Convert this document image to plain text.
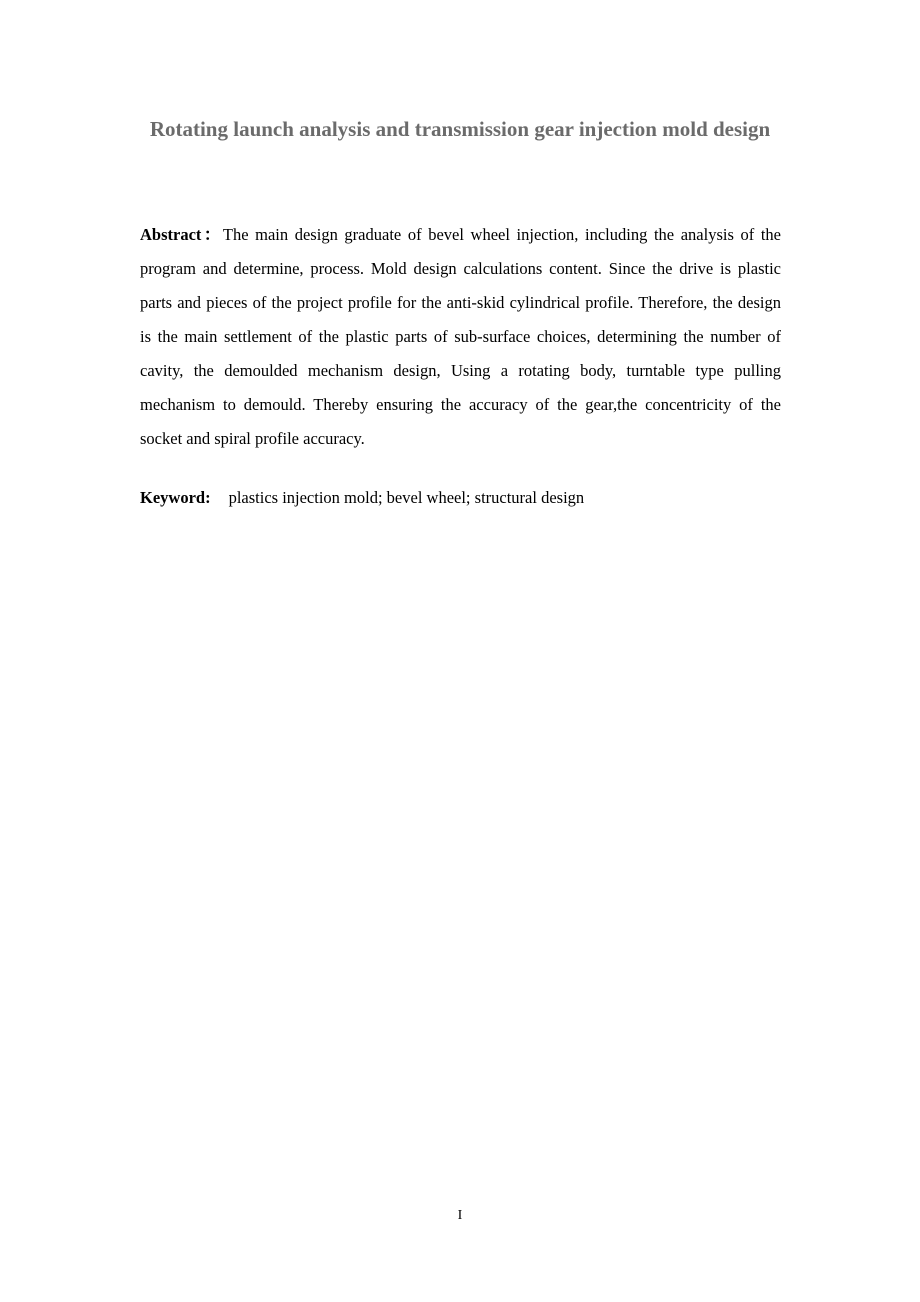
Rotating launch analysis and transmission gear injection mold design

Abstract：The main design graduate of bevel wheel injection, including the analysis of the program and determine, process. Mold design calculations content. Since the drive is plastic parts and pieces of the project profile for the anti-skid cylindrical profile. Therefore, the design is the main settlement of the plastic parts of sub-surface choices, determining the number of cavity, the demoulded mechanism design, Using a rotating body, turntable type pulling mechanism to demould. Thereby ensuring the accuracy of the gear,the concentricity of the socket and spiral profile accuracy.

Keyword: plastics injection mold; bevel wheel; structural design

I
